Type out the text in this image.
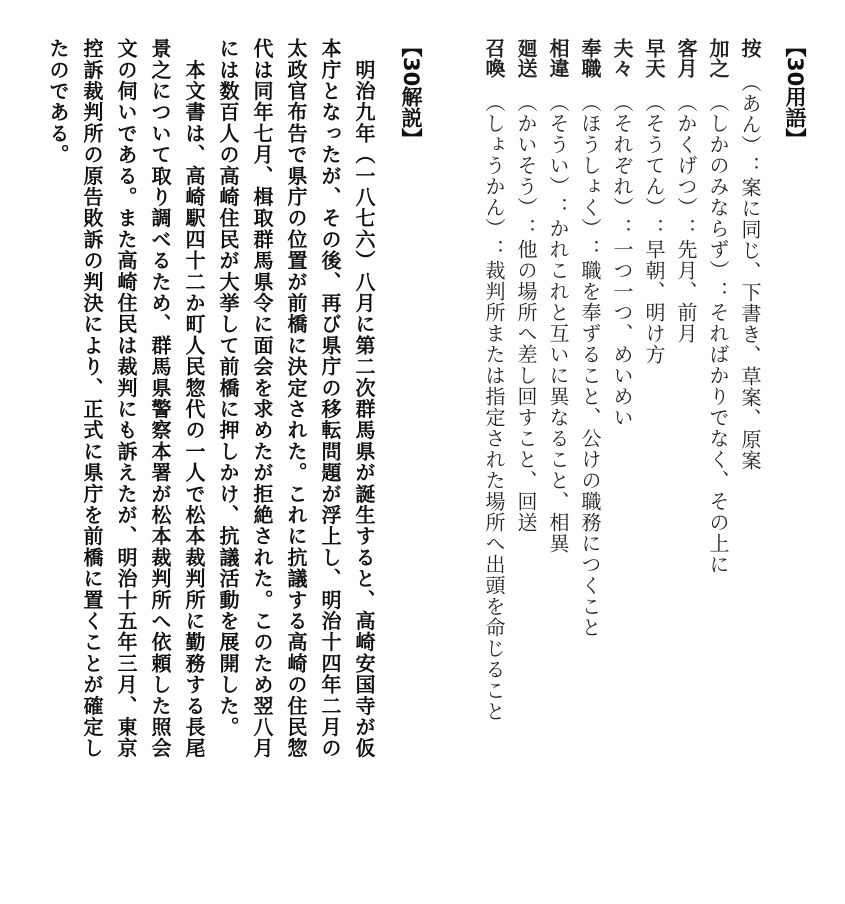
【30用語】
按（あん）：案に同じ、下書き、草案、原案
加之（しかのみならず）：そればかりでなく、その上に
客月（かくげつ）：先月、前月
早天（そうてん）：早朝、明け方
夫々（それぞれ）：一つ一つ、めいめい
奉職（ほうしょく）：職を奉ずること、公けの職務につくこと
相違（そうい）：かれこれと互いに異なること、相異
廻送（かいそう）：他の場所へ差し回すこと、回送
召喚（しょうかん）：裁判所または指定された場所へ出頭を命じること
【30解説】
　明治九年（一八七六）八月に第二次群馬県が誕生すると、高崎安国寺が仮
本庁となったが、その後、再び県庁の移転問題が浮上し、明治十四年二月の
太政官布告で県庁の位置が前橋に決定された。これに抗議する高崎の住民惣
代は同年七月、楫取群馬県令に面会を求めたが拒絶された。このため翌八月
には数百人の高崎住民が大挙して前橋に押しかけ、抗議活動を展開した。
　本文書は、高崎駅四十二か町人民惣代の一人で松本裁判所に勤務する長尾
景之について取り調べるため、群馬県警察本署が松本裁判所へ依頼した照会
文の伺いである。また高崎住民は裁判にも訴えたが、明治十五年三月、東京
控訴裁判所の原告敗訴の判決により、正式に県庁を前橋に置くことが確定し
たのである。
